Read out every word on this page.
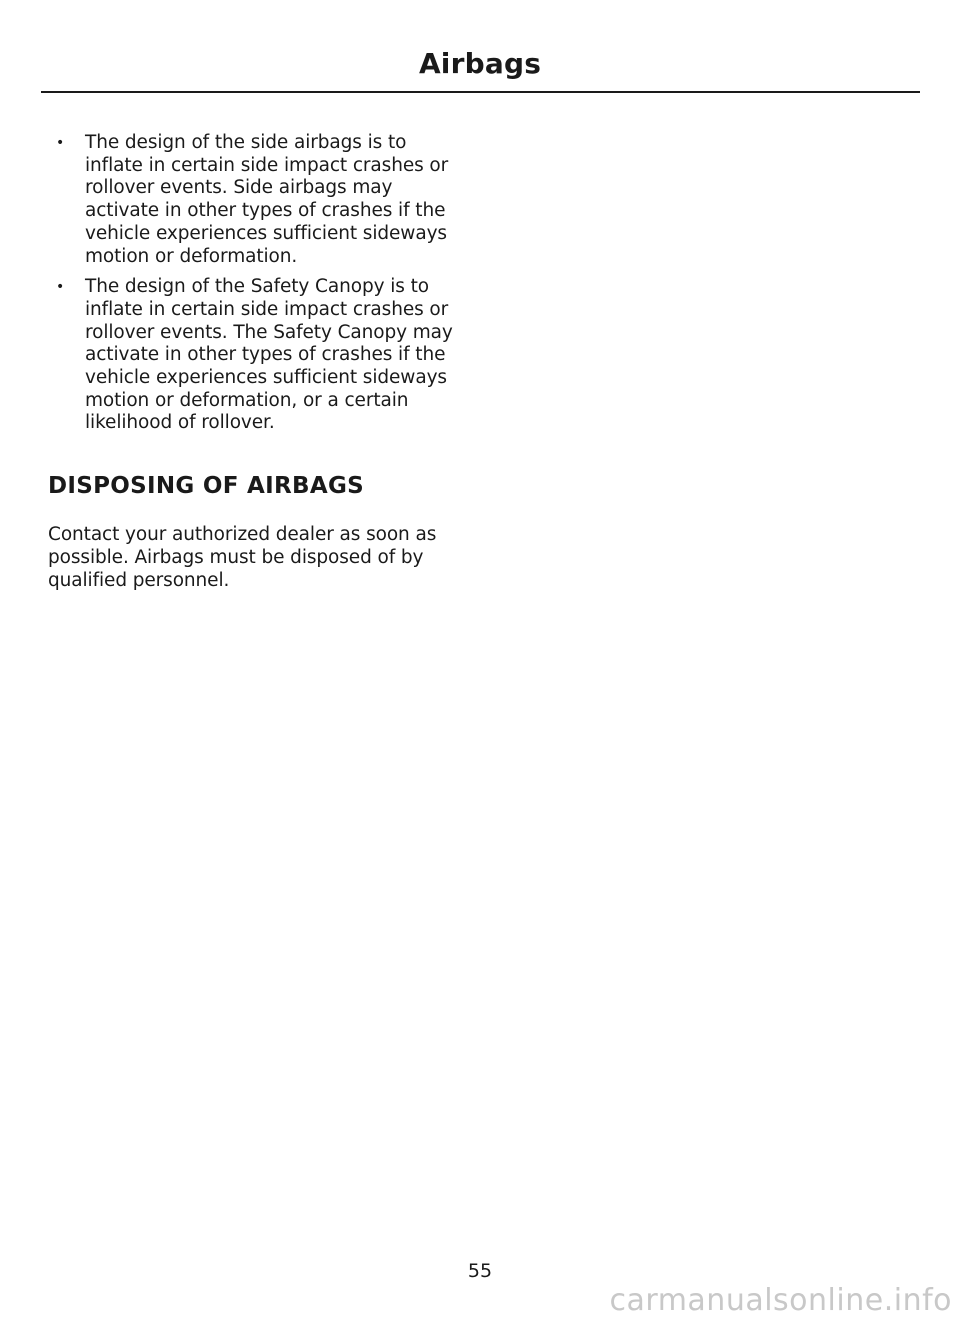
Airbags
• The design of the side airbags is to inflate in certain side impact crashes or rollover events. Side airbags may activate in other types of crashes if the vehicle experiences sufficient sideways motion or deformation.
• The design of the Safety Canopy is to inflate in certain side impact crashes or rollover events. The Safety Canopy may activate in other types of crashes if the vehicle experiences sufficient sideways motion or deformation, or a certain likelihood of rollover.
DISPOSING OF AIRBAGS

Contact your authorized dealer as soon as possible. Airbags must be disposed of by qualified personnel.

55
carmanualsonline.info
